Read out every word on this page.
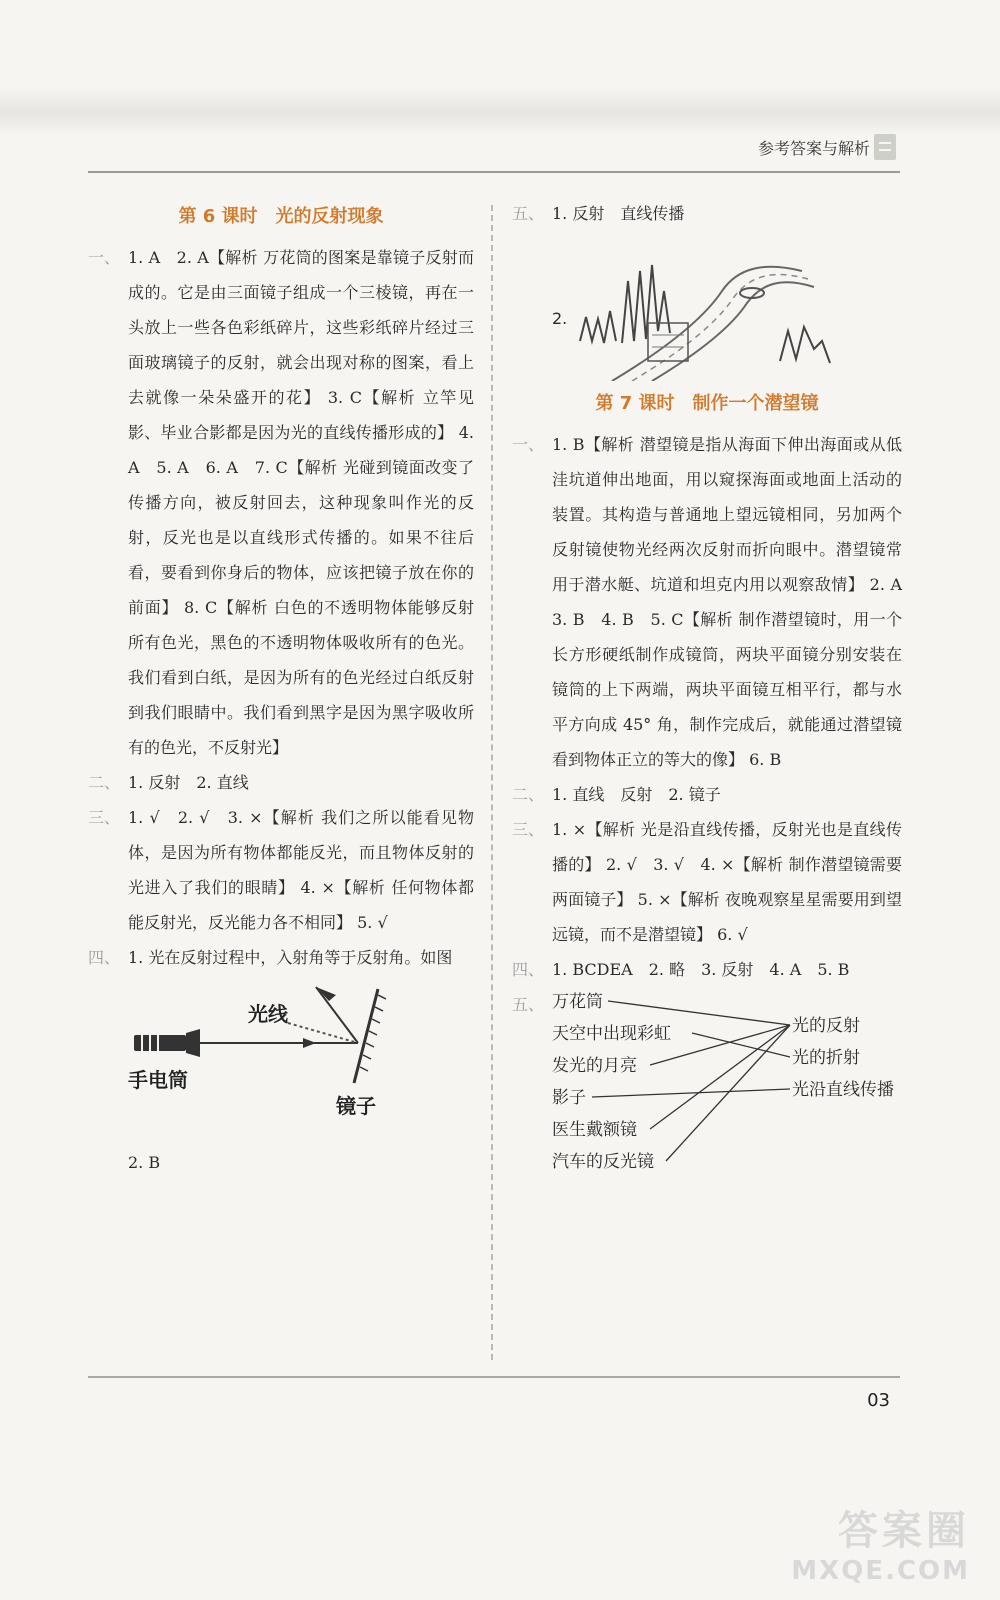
参考答案与解析
第 6 课时　光的反射现象
一、 1. A　2. A【解析 万花筒的图案是靠镜子反射而成的。它是由三面镜子组成一个三棱镜，再在一头放上一些各色彩纸碎片，这些彩纸碎片经过三面玻璃镜子的反射，就会出现对称的图案，看上去就像一朵朵盛开的花】 3. C【解析 立竿见影、毕业合影都是因为光的直线传播形成的】 4. A　5. A　6. A　7. C【解析 光碰到镜面改变了传播方向，被反射回去，这种现象叫作光的反射，反光也是以直线形式传播的。如果不往后看，要看到你身后的物体，应该把镜子放在你的前面】 8. C【解析 白色的不透明物体能够反射所有色光，黑色的不透明物体吸收所有的色光。我们看到白纸，是因为所有的色光经过白纸反射到我们眼睛中。我们看到黑字是因为黑字吸收所有的色光，不反射光】
二、 1. 反射　2. 直线
三、 1. √　2. √　3. ×【解析 我们之所以能看见物体，是因为所有物体都能反光，而且物体反射的光进入了我们的眼睛】 4. ×【解析 任何物体都能反射光，反光能力各不相同】 5. √
四、 1. 光在反射过程中，入射角等于反射角。如图
光线
手电筒
镜子
2. B
五、 1. 反射　直线传播
2.
第 7 课时　制作一个潜望镜
一、 1. B【解析 潜望镜是指从海面下伸出海面或从低洼坑道伸出地面，用以窥探海面或地面上活动的装置。其构造与普通地上望远镜相同，另加两个反射镜使物光经两次反射而折向眼中。潜望镜常用于潜水艇、坑道和坦克内用以观察敌情】 2. A　3. B　4. B　5. C【解析 制作潜望镜时，用一个长方形硬纸制作成镜筒，两块平面镜分别安装在镜筒的上下两端，两块平面镜互相平行，都与水平方向成 45° 角，制作完成后，就能通过潜望镜看到物体正立的等大的像】 6. B
二、 1. 直线　反射　2. 镜子
三、 1. ×【解析 光是沿直线传播，反射光也是直线传播的】 2. √　3. √　4. ×【解析 制作潜望镜需要两面镜子】 5. ×【解析 夜晚观察星星需要用到望远镜，而不是潜望镜】 6. √
四、 1. BCDEA　2. 略　3. 反射　4. A　5. B
五、 万花筒
天空中出现彩虹
发光的月亮
影子
医生戴额镜
汽车的反光镜
光的反射
光的折射
光沿直线传播
03
答案圈
MXQE.COM
